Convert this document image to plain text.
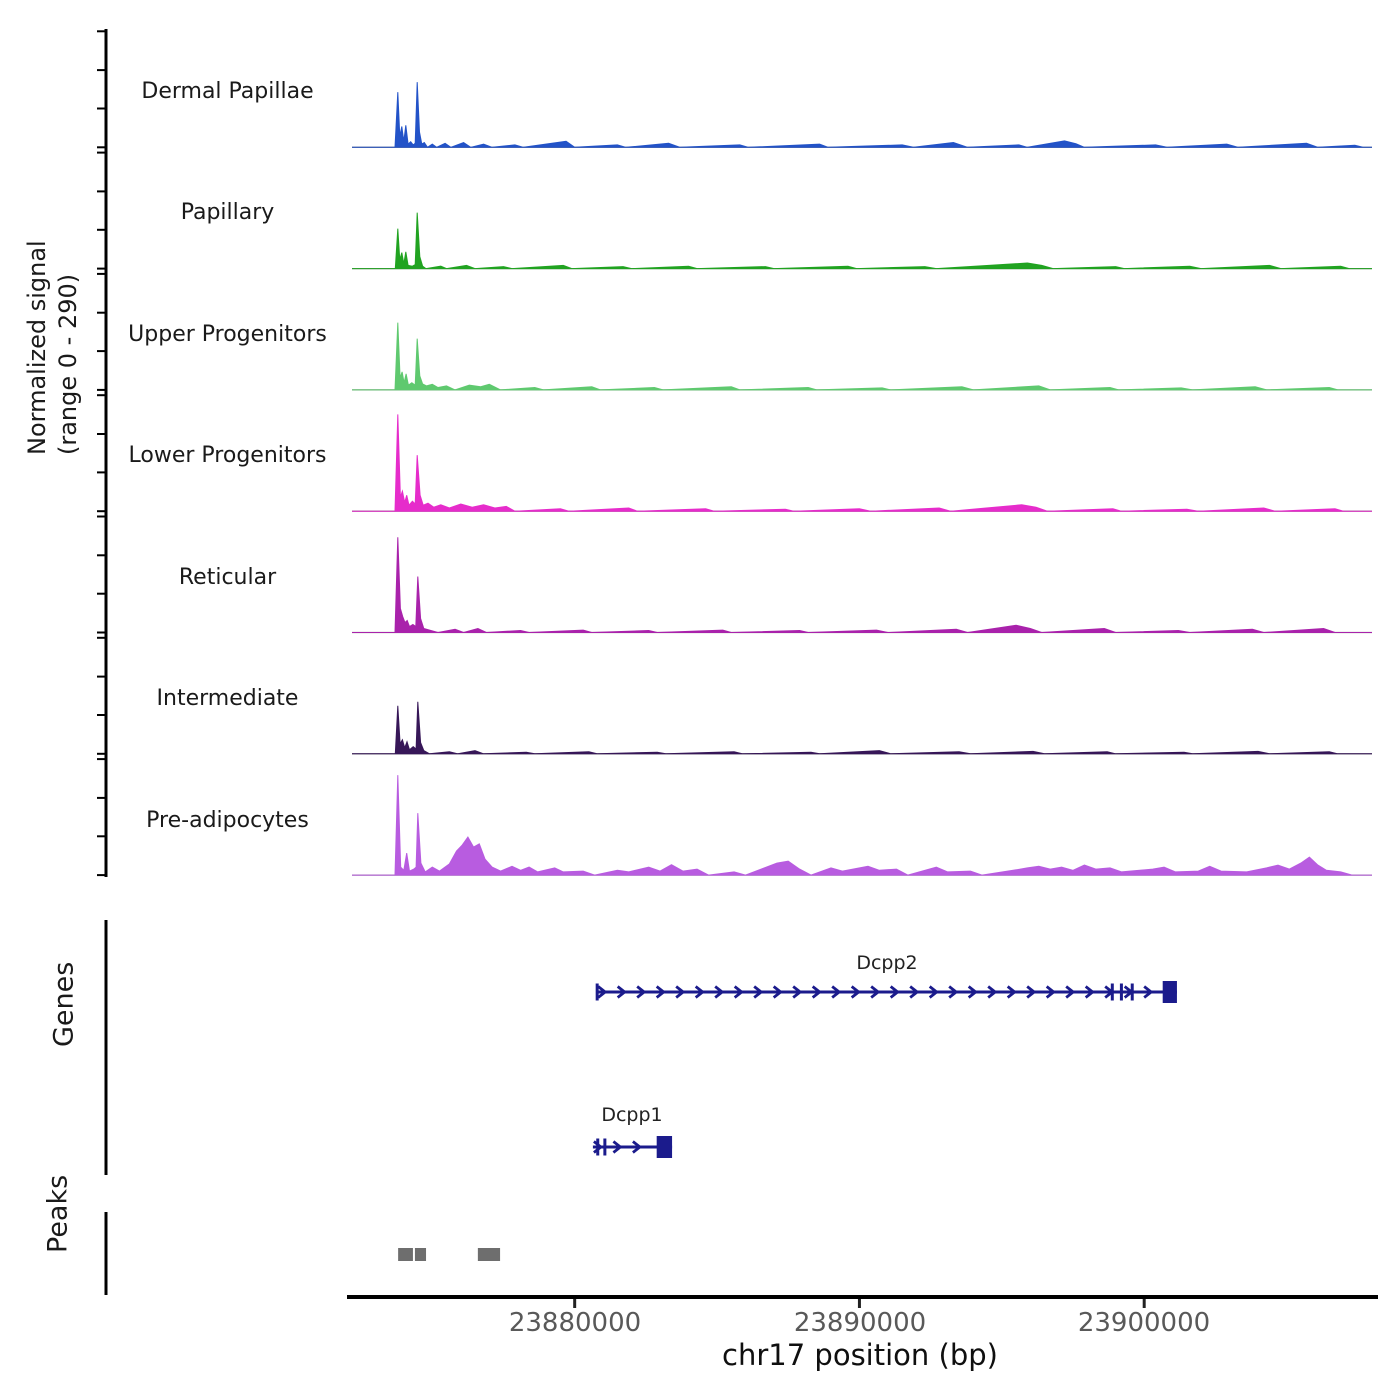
Dermal Papillae
Papillary
Upper Progenitors
Lower Progenitors
Reticular
Intermediate
Pre-adipocytes
Normalized signal (range 0 - 290)
Genes
Peaks
Dcpp2
Dcpp1
23880000	23890000	23900000
chr17 position (bp)
